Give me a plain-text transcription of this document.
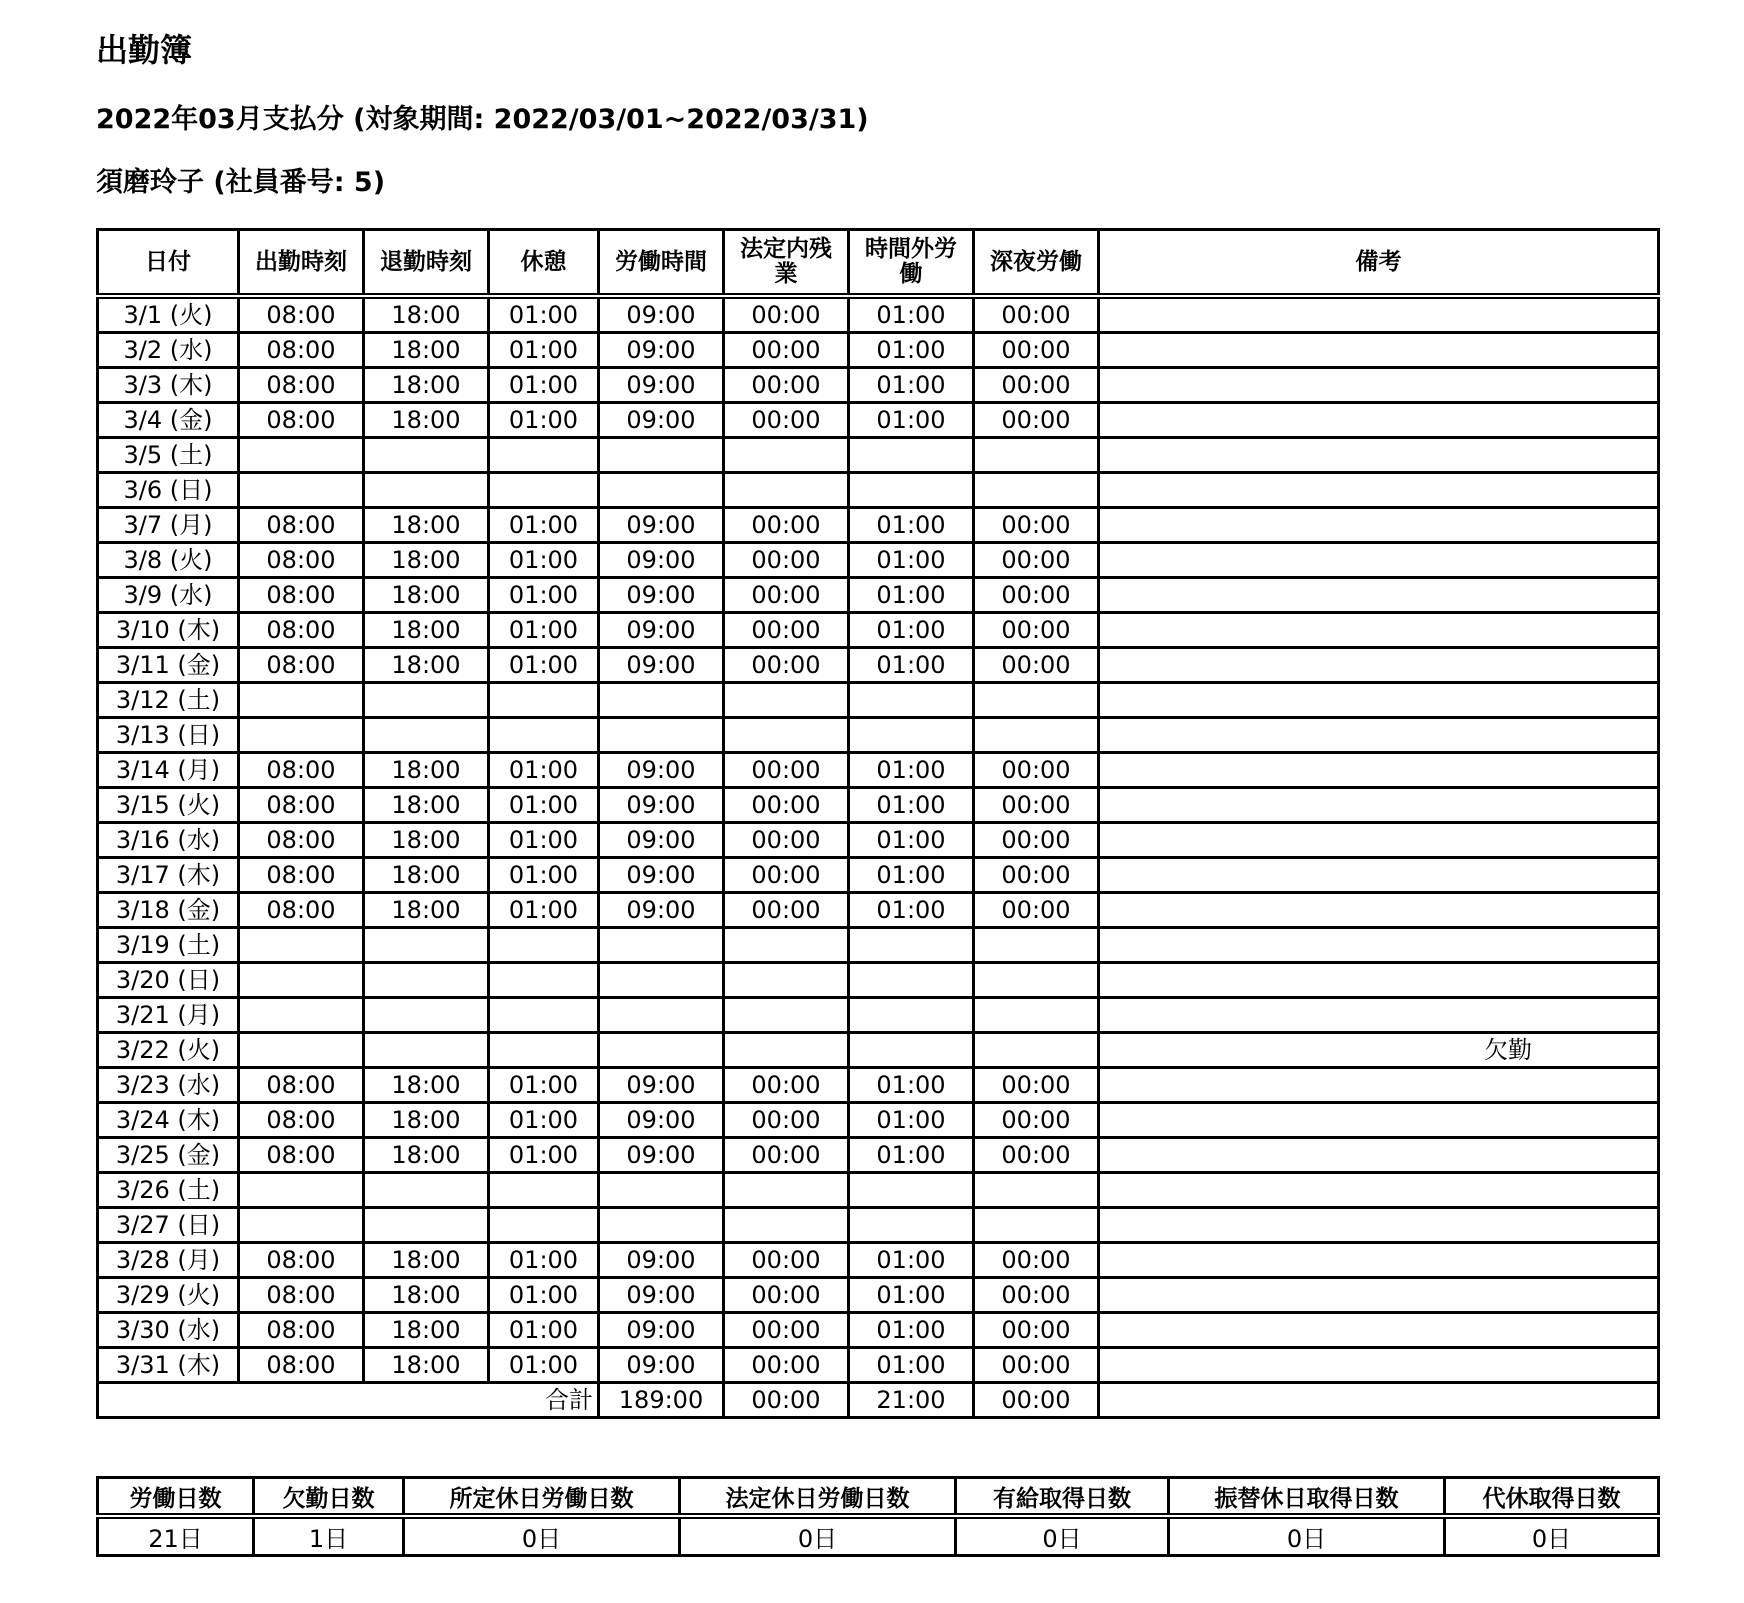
出勤簿
2022年03月支払分 (対象期間: 2022/03/01~2022/03/31)
須磨玲子 (社員番号: 5)
日付	出勤時刻	退勤時刻	休憩	労働時間	法定内残業	時間外労働	深夜労働	備考
3/1 (火)	08:00	18:00	01:00	09:00	00:00	01:00	00:00	
3/2 (水)	08:00	18:00	01:00	09:00	00:00	01:00	00:00	
3/3 (木)	08:00	18:00	01:00	09:00	00:00	01:00	00:00	
3/4 (金)	08:00	18:00	01:00	09:00	00:00	01:00	00:00	
3/5 (土)								
3/6 (日)								
3/7 (月)	08:00	18:00	01:00	09:00	00:00	01:00	00:00	
3/8 (火)	08:00	18:00	01:00	09:00	00:00	01:00	00:00	
3/9 (水)	08:00	18:00	01:00	09:00	00:00	01:00	00:00	
3/10 (木)	08:00	18:00	01:00	09:00	00:00	01:00	00:00	
3/11 (金)	08:00	18:00	01:00	09:00	00:00	01:00	00:00	
3/12 (土)								
3/13 (日)								
3/14 (月)	08:00	18:00	01:00	09:00	00:00	01:00	00:00	
3/15 (火)	08:00	18:00	01:00	09:00	00:00	01:00	00:00	
3/16 (水)	08:00	18:00	01:00	09:00	00:00	01:00	00:00	
3/17 (木)	08:00	18:00	01:00	09:00	00:00	01:00	00:00	
3/18 (金)	08:00	18:00	01:00	09:00	00:00	01:00	00:00	
3/19 (土)								
3/20 (日)								
3/21 (月)								
3/22 (火)								欠勤
3/23 (水)	08:00	18:00	01:00	09:00	00:00	01:00	00:00	
3/24 (木)	08:00	18:00	01:00	09:00	00:00	01:00	00:00	
3/25 (金)	08:00	18:00	01:00	09:00	00:00	01:00	00:00	
3/26 (土)								
3/27 (日)								
3/28 (月)	08:00	18:00	01:00	09:00	00:00	01:00	00:00	
3/29 (火)	08:00	18:00	01:00	09:00	00:00	01:00	00:00	
3/30 (水)	08:00	18:00	01:00	09:00	00:00	01:00	00:00	
3/31 (木)	08:00	18:00	01:00	09:00	00:00	01:00	00:00	
合計				189:00	00:00	21:00	00:00	
労働日数	欠勤日数	所定休日労働日数	法定休日労働日数	有給取得日数	振替休日取得日数	代休取得日数
21日	1日	0日	0日	0日	0日	0日
